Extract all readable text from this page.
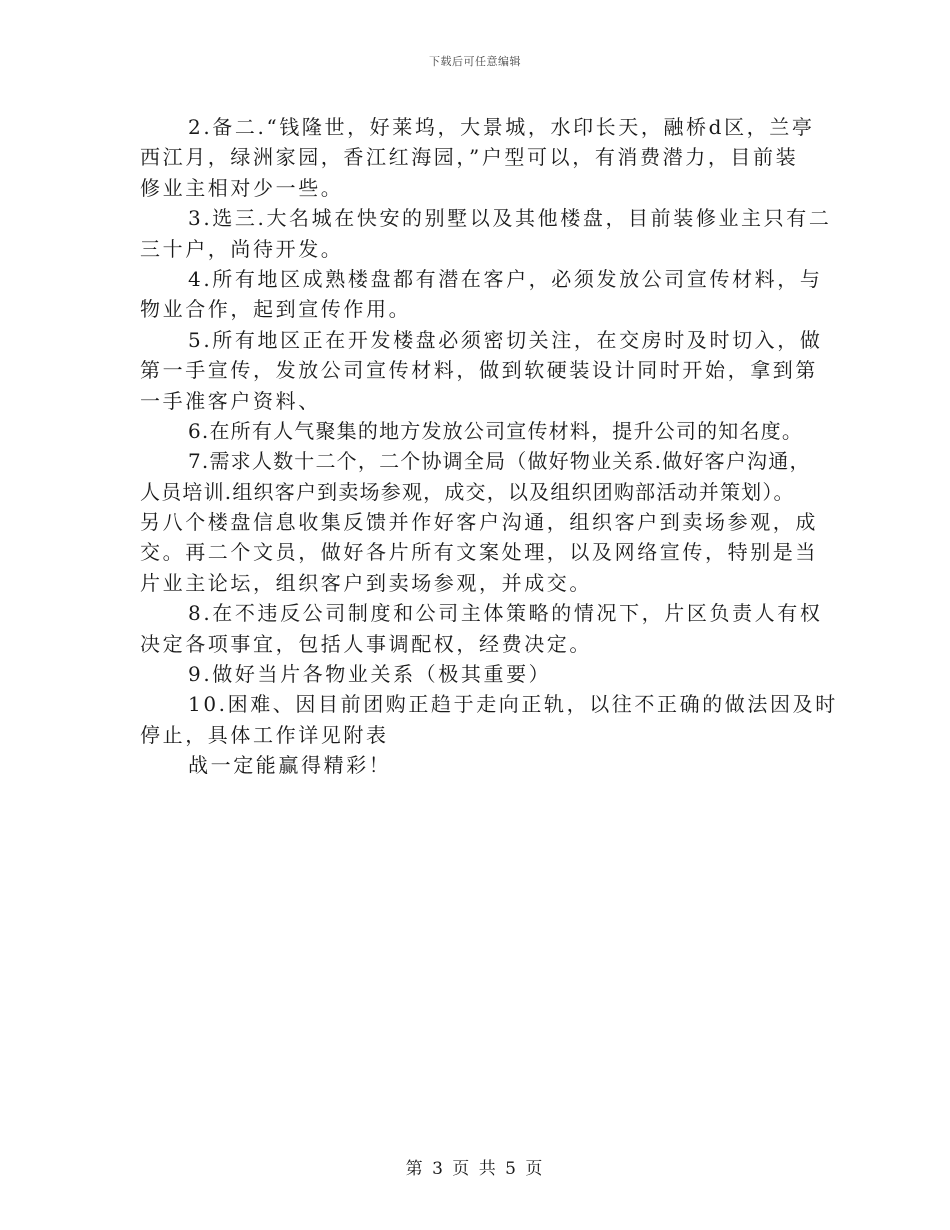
下载后可任意编辑
2.备二.“钱隆世，好莱坞，大景城，水印长天，融桥d区，兰亭
西江月，绿洲家园，香江红海园，”户型可以，有消费潜力，目前装
修业主相对少一些。
3.选三.大名城在快安的别墅以及其他楼盘，目前装修业主只有二
三十户，尚待开发。
4.所有地区成熟楼盘都有潜在客户，必须发放公司宣传材料，与
物业合作，起到宣传作用。
5.所有地区正在开发楼盘必须密切关注，在交房时及时切入，做
第一手宣传，发放公司宣传材料，做到软硬装设计同时开始，拿到第
一手准客户资料、
6.在所有人气聚集的地方发放公司宣传材料，提升公司的知名度。
7.需求人数十二个，二个协调全局（做好物业关系.做好客户沟通，
人员培训.组织客户到卖场参观，成交，以及组织团购部活动并策划）。
另八个楼盘信息收集反馈并作好客户沟通，组织客户到卖场参观，成
交。再二个文员，做好各片所有文案处理，以及网络宣传，特别是当
片业主论坛，组织客户到卖场参观，并成交。
8.在不违反公司制度和公司主体策略的情况下，片区负责人有权
决定各项事宜，包括人事调配权，经费决定。
9.做好当片各物业关系（极其重要）
10.困难、因目前团购正趋于走向正轨，以往不正确的做法因及时
停止，具体工作详见附表
战一定能赢得精彩！
第 3 页 共 5 页
